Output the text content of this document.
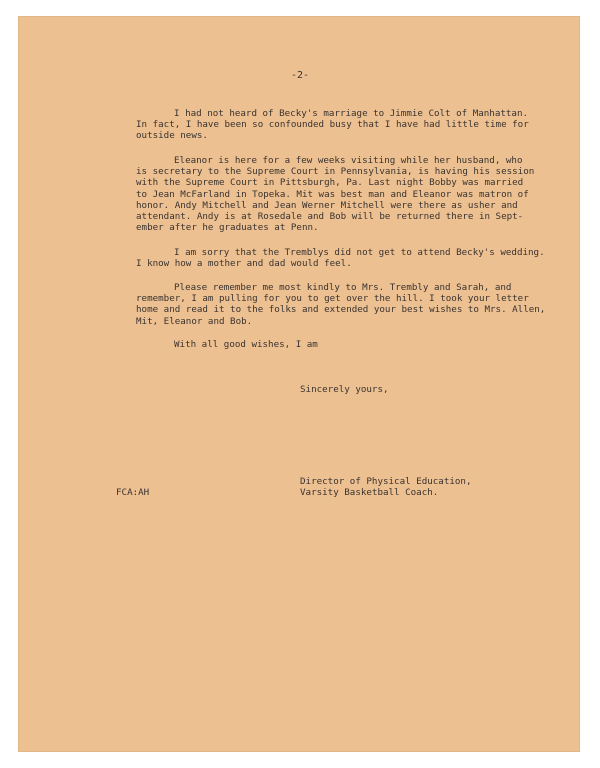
-2-
I had not heard of Becky's marriage to Jimmie Colt of Manhattan.
In fact, I have been so confounded busy that I have had little time for
outside news.
Eleanor is here for a few weeks visiting while her husband, who
is secretary to the Supreme Court in Pennsylvania, is having his session
with the Supreme Court in Pittsburgh, Pa. Last night Bobby was married
to Jean McFarland in Topeka. Mit was best man and Eleanor was matron of
honor. Andy Mitchell and Jean Werner Mitchell were there as usher and
attendant. Andy is at Rosedale and Bob will be returned there in Sept-
ember after he graduates at Penn.
I am sorry that the Tremblys did not get to attend Becky's wedding.
I know how a mother and dad would feel.
Please remember me most kindly to Mrs. Trembly and Sarah, and
remember, I am pulling for you to get over the hill. I took your letter
home and read it to the folks and extended your best wishes to Mrs. Allen,
Mit, Eleanor and Bob.
With all good wishes, I am
Sincerely yours,
Director of Physical Education,
Varsity Basketball Coach.
FCA:AH
